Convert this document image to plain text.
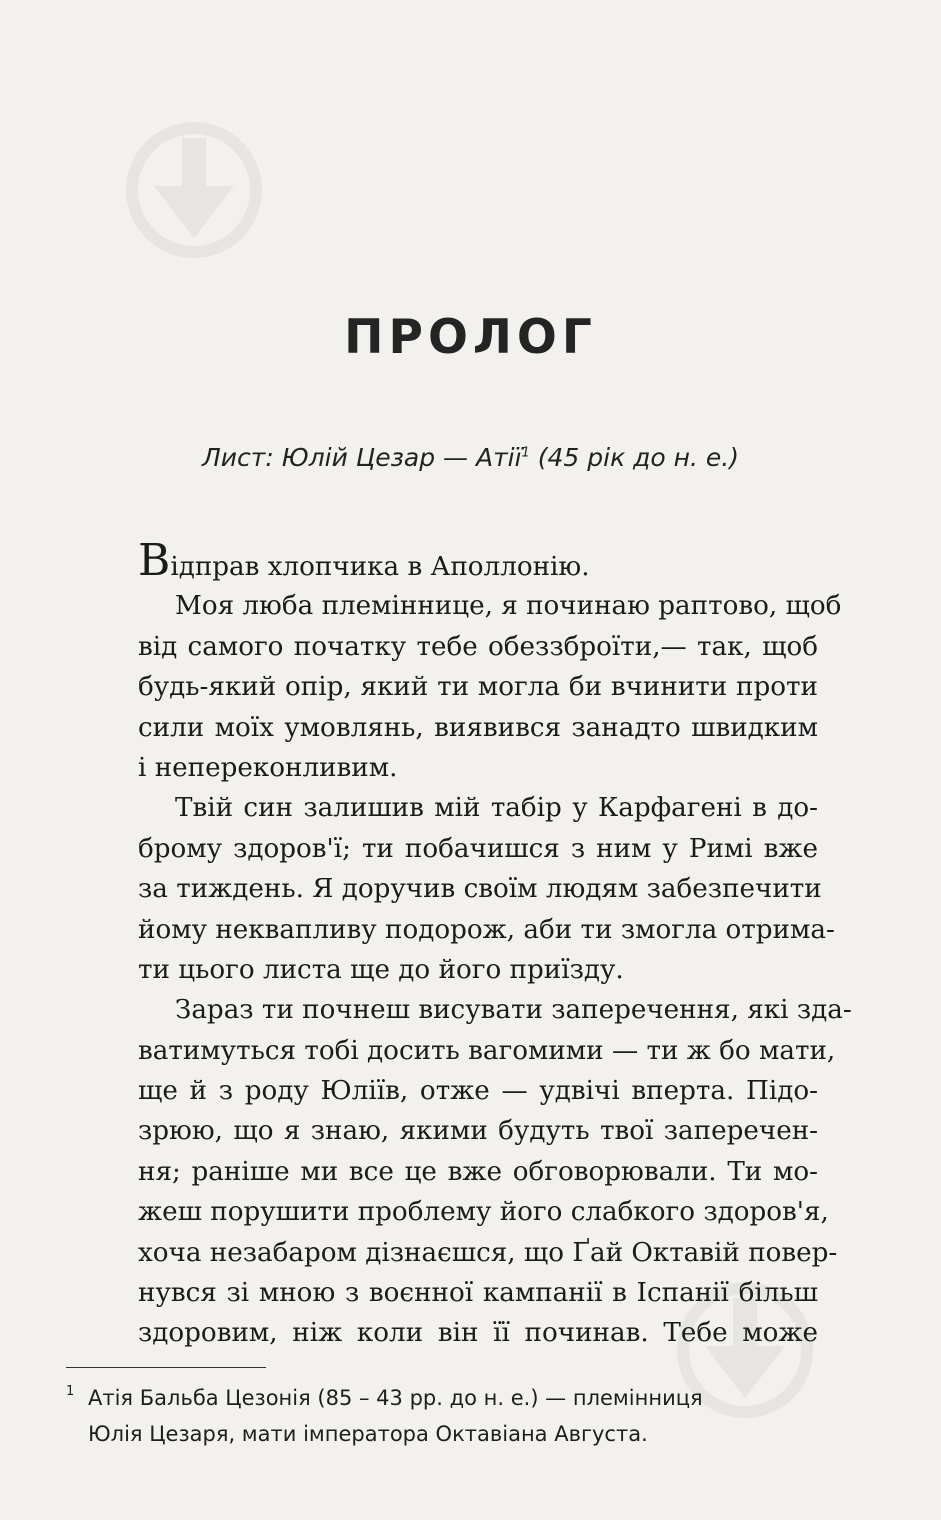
ПРОЛОГ
Лист: Юлій Цезар — Атії$^1$ (45 рік до н. е.)
Відправ хлопчика в Аполлонію.
Моя люба племіннице, я починаю раптово, щоб
від самого початку тебе обеззброїти,— так, щоб
будь-який опір, який ти могла би вчинити проти
сили моїх умовлянь, виявився занадто швидким
і непереконливим.
Твій син залишив мій табір у Карфагені в до-
брому здоров'ї; ти побачишся з ним у Римі вже
за тиждень. Я доручив своїм людям забезпечити
йому неквапливу подорож, аби ти змогла отрима-
ти цього листа ще до його приїзду.
Зараз ти почнеш висувати заперечення, які зда-
ватимуться тобі досить вагомими — ти ж бо мати,
ще й з роду Юліїв, отже — удвічі вперта. Підо-
зрюю, що я знаю, якими будуть твої заперечен-
ня; раніше ми все це вже обговорювали. Ти мо-
жеш порушити проблему його слабкого здоров'я,
хоча незабаром дізнаєшся, що Ґай Октавій повер-
нувся зі мною з воєнної кампанії в Іспанії більш
здоровим, ніж коли він її починав. Тебе може
1 Атія Бальба Цезонія (85 – 43 рр. до н. е.) — племінниця
Юлія Цезаря, мати імператора Октавіана Августа.
